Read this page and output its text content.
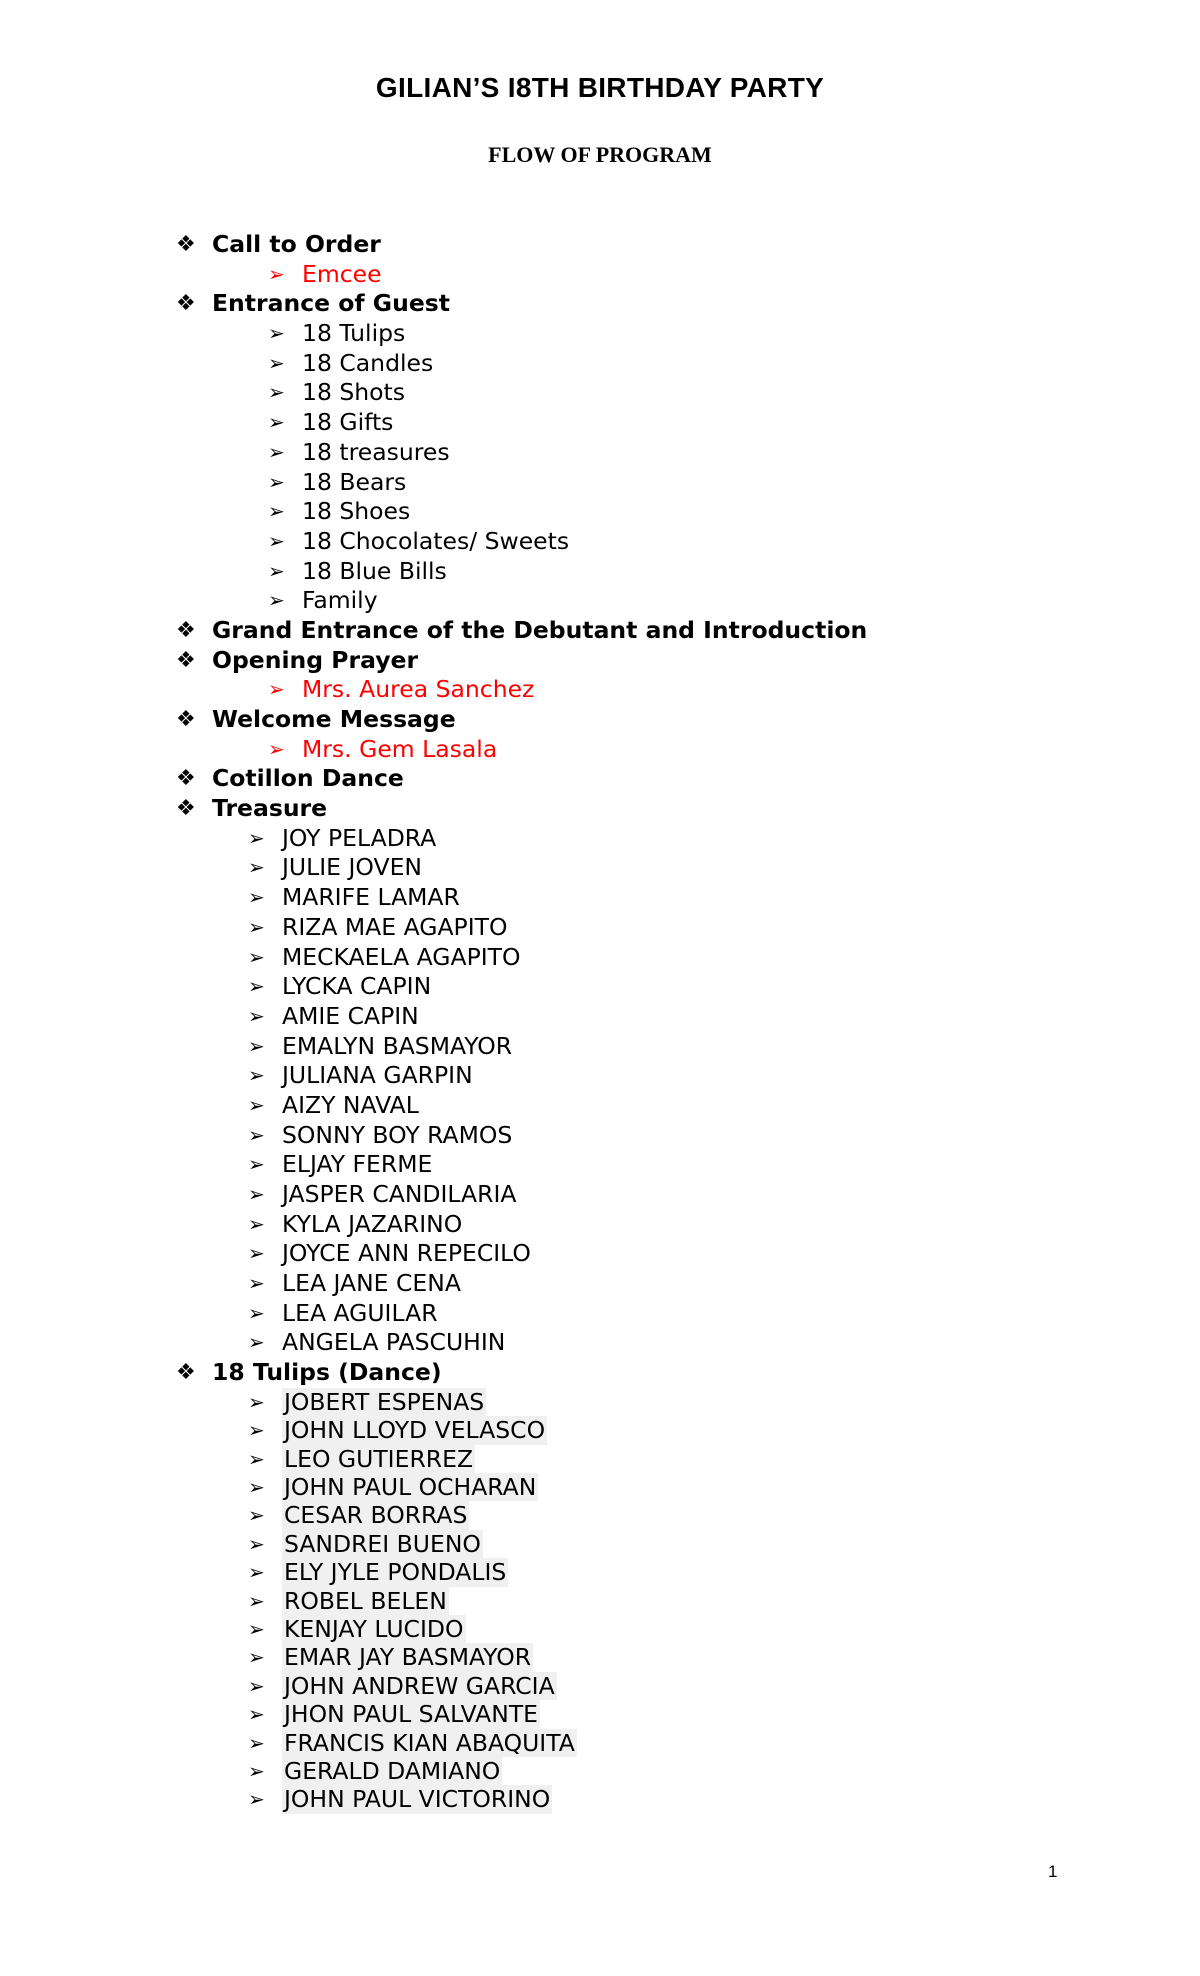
GILIAN’S I8TH BIRTHDAY PARTY
FLOW OF PROGRAM
❖ Call to Order
➢ Emcee
❖ Entrance of Guest
➢ 18 Tulips
➢ 18 Candles
➢ 18 Shots
➢ 18 Gifts
➢ 18 treasures
➢ 18 Bears
➢ 18 Shoes
➢ 18 Chocolates/ Sweets
➢ 18 Blue Bills
➢ Family
❖ Grand Entrance of the Debutant and Introduction
❖ Opening Prayer
➢ Mrs. Aurea Sanchez
❖ Welcome Message
➢ Mrs. Gem Lasala
❖ Cotillon Dance
❖ Treasure
➢ JOY PELADRA
➢ JULIE JOVEN
➢ MARIFE LAMAR
➢ RIZA MAE AGAPITO
➢ MECKAELA AGAPITO
➢ LYCKA CAPIN
➢ AMIE CAPIN
➢ EMALYN BASMAYOR
➢ JULIANA GARPIN
➢ AIZY NAVAL
➢ SONNY BOY RAMOS
➢ ELJAY FERME
➢ JASPER CANDILARIA
➢ KYLA JAZARINO
➢ JOYCE ANN REPECILO
➢ LEA JANE CENA
➢ LEA AGUILAR
➢ ANGELA PASCUHIN
❖ 18 Tulips (Dance)
➢ JOBERT ESPENAS
➢ JOHN LLOYD VELASCO
➢ LEO GUTIERREZ
➢ JOHN PAUL OCHARAN
➢ CESAR BORRAS
➢ SANDREI BUENO
➢ ELY JYLE PONDALIS
➢ ROBEL BELEN
➢ KENJAY LUCIDO
➢ EMAR JAY BASMAYOR
➢ JOHN ANDREW GARCIA
➢ JHON PAUL SALVANTE
➢ FRANCIS KIAN ABAQUITA
➢ GERALD DAMIANO
➢ JOHN PAUL VICTORINO
1
